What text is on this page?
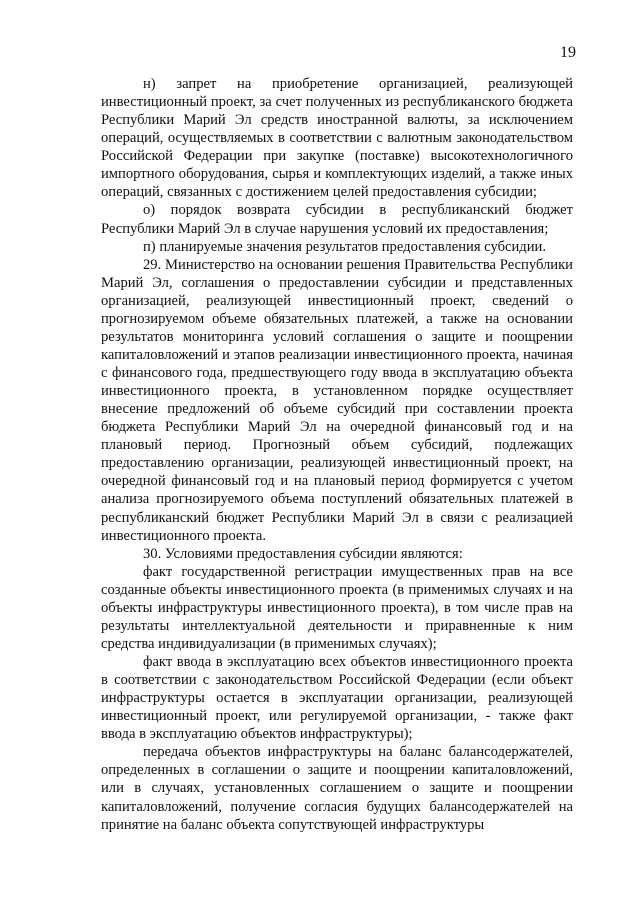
19

н) запрет на приобретение организацией, реализующей инвестиционный проект, за счет полученных из республиканского бюджета Республики Марий Эл средств иностранной валюты, за исключением операций, осуществляемых в соответствии с валютным законодательством Российской Федерации при закупке (поставке) высокотехнологичного импортного оборудования, сырья и комплектующих изделий, а также иных операций, связанных с достижением целей предоставления субсидии;

о) порядок возврата субсидии в республиканский бюджет Республики Марий Эл в случае нарушения условий их предоставления;

п) планируемые значения результатов предоставления субсидии.

29. Министерство на основании решения Правительства Республики Марий Эл, соглашения о предоставлении субсидии и представленных организацией, реализующей инвестиционный проект, сведений о прогнозируемом объеме обязательных платежей, а также на основании результатов мониторинга условий соглашения о защите и поощрении капиталовложений и этапов реализации инвестиционного проекта, начиная с финансового года, предшествующего году ввода в эксплуатацию объекта инвестиционного проекта, в установленном порядке осуществляет внесение предложений об объеме субсидий при составлении проекта бюджета Республики Марий Эл на очередной финансовый год и на плановый период. Прогнозный объем субсидий, подлежащих предоставлению организации, реализующей инвестиционный проект, на очередной финансовый год и на плановый период формируется с учетом анализа прогнозируемого объема поступлений обязательных платежей в республиканский бюджет Республики Марий Эл в связи с реализацией инвестиционного проекта.

30. Условиями предоставления субсидии являются:

факт государственной регистрации имущественных прав на все созданные объекты инвестиционного проекта (в применимых случаях и на объекты инфраструктуры инвестиционного проекта), в том числе прав на результаты интеллектуальной деятельности и приравненные к ним средства индивидуализации (в применимых случаях);

факт ввода в эксплуатацию всех объектов инвестиционного проекта в соответствии с законодательством Российской Федерации (если объект инфраструктуры остается в эксплуатации организации, реализующей инвестиционный проект, или регулируемой организации, - также факт ввода в эксплуатацию объектов инфраструктуры);

передача объектов инфраструктуры на баланс балансодержателей, определенных в соглашении о защите и поощрении капиталовложений, или в случаях, установленных соглашением о защите и поощрении капиталовложений, получение согласия будущих балансодержателей на принятие на баланс объекта сопутствующей инфраструктуры
